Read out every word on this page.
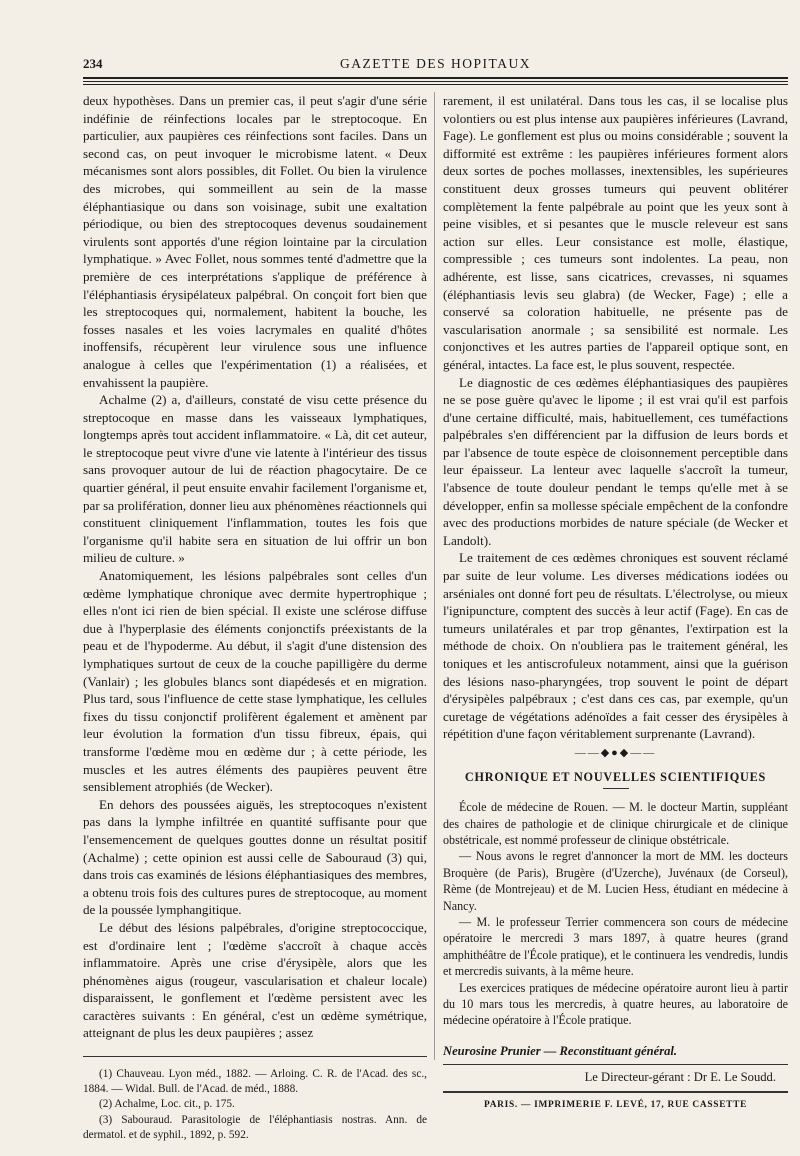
234	GAZETTE DES HOPITAUX

deux hypothèses. Dans un premier cas, il peut s'agir d'une série indéfinie de réinfections locales par le streptocoque. En particulier, aux paupières ces réinfections sont faciles. Dans un second cas, on peut invoquer le microbisme latent. « Deux mécanismes sont alors possibles, dit Follet. Ou bien la virulence des microbes, qui sommeillent au sein de la masse éléphantiasique ou dans son voisinage, subit une exaltation périodique, ou bien des streptocoques devenus soudainement virulents sont apportés d'une région lointaine par la circulation lymphatique. » Avec Follet, nous sommes tenté d'admettre que la première de ces interprétations s'applique de préférence à l'éléphantiasis érysipélateux palpébral. On conçoit fort bien que les streptocoques qui, normalement, habitent la bouche, les fosses nasales et les voies lacrymales en qualité d'hôtes inoffensifs, récupèrent leur virulence sous une influence analogue à celles que l'expérimentation (1) a réalisées, et envahissent la paupière.

Achalme (2) a, d'ailleurs, constaté de visu cette présence du streptocoque en masse dans les vaisseaux lymphatiques, longtemps après tout accident inflammatoire. « Là, dit cet auteur, le streptocoque peut vivre d'une vie latente à l'intérieur des tissus sans provoquer autour de lui de réaction phagocytaire. De ce quartier général, il peut ensuite envahir facilement l'organisme et, par sa prolifération, donner lieu aux phénomènes réactionnels qui constituent cliniquement l'inflammation, toutes les fois que l'organisme qu'il habite sera en situation de lui offrir un bon milieu de culture. »

Anatomiquement, les lésions palpébrales sont celles d'un œdème lymphatique chronique avec dermite hypertrophique ; elles n'ont ici rien de bien spécial. Il existe une sclérose diffuse due à l'hyperplasie des éléments conjonctifs préexistants de la peau et de l'hypoderme. Au début, il s'agit d'une distension des lymphatiques surtout de ceux de la couche papilligère du derme (Vanlair) ; les globules blancs sont diapédesés et en migration. Plus tard, sous l'influence de cette stase lymphatique, les cellules fixes du tissu conjonctif prolifèrent également et amènent par leur évolution la formation d'un tissu fibreux, épais, qui transforme l'œdème mou en œdème dur ; à cette période, les muscles et les autres éléments des paupières peuvent être sensiblement atrophiés (de Wecker).

En dehors des poussées aiguës, les streptocoques n'existent pas dans la lymphe infiltrée en quantité suffisante pour que l'ensemencement de quelques gouttes donne un résultat positif (Achalme) ; cette opinion est aussi celle de Sabouraud (3) qui, dans trois cas examinés de lésions éléphantiasiques des membres, a obtenu trois fois des cultures pures de streptocoque, au moment de la poussée lymphangitique.

Le début des lésions palpébrales, d'origine streptococcique, est d'ordinaire lent ; l'œdème s'accroît à chaque accès inflammatoire. Après une crise d'érysipèle, alors que les phénomènes aigus (rougeur, vascularisation et chaleur locale) disparaissent, le gonflement et l'œdème persistent avec les caractères suivants : En général, c'est un œdème symétrique, atteignant de plus les deux paupières ; assez

(1) Chauveau. Lyon méd., 1882. — Arloing. C. R. de l'Acad. des sc., 1884. — Widal. Bull. de l'Acad. de méd., 1888.

(2) Achalme, Loc. cit., p. 175.

(3) Sabouraud. Parasitologie de l'éléphantiasis nostras. Ann. de dermatol. et de syphil., 1892, p. 592.

rarement, il est unilatéral. Dans tous les cas, il se localise plus volontiers ou est plus intense aux paupières inférieures (Lavrand, Fage). Le gonflement est plus ou moins considérable ; souvent la difformité est extrême : les paupières inférieures forment alors deux sortes de poches mollasses, inextensibles, les supérieures constituent deux grosses tumeurs qui peuvent oblitérer complètement la fente palpébrale au point que les yeux sont à peine visibles, et si pesantes que le muscle releveur est sans action sur elles. Leur consistance est molle, élastique, compressible ; ces tumeurs sont indolentes. La peau, non adhérente, est lisse, sans cicatrices, crevasses, ni squames (éléphantiasis levis seu glabra) (de Wecker, Fage) ; elle a conservé sa coloration habituelle, ne présente pas de vascularisation anormale ; sa sensibilité est normale. Les conjonctives et les autres parties de l'appareil optique sont, en général, intactes. La face est, le plus souvent, respectée.

Le diagnostic de ces œdèmes éléphantiasiques des paupières ne se pose guère qu'avec le lipome ; il est vrai qu'il est parfois d'une certaine difficulté, mais, habituellement, ces tuméfactions palpébrales s'en différencient par la diffusion de leurs bords et par l'absence de toute espèce de cloisonnement perceptible dans leur épaisseur. La lenteur avec laquelle s'accroît la tumeur, l'absence de toute douleur pendant le temps qu'elle met à se développer, enfin sa mollesse spéciale empêchent de la confondre avec des productions morbides de nature spéciale (de Wecker et Landolt).

Le traitement de ces œdèmes chroniques est souvent réclamé par suite de leur volume. Les diverses médications iodées ou arséniales ont donné fort peu de résultats. L'électrolyse, ou mieux l'ignipuncture, comptent des succès à leur actif (Fage). En cas de tumeurs unilatérales et par trop gênantes, l'extirpation est la méthode de choix. On n'oubliera pas le traitement général, les toniques et les antiscrofuleux notamment, ainsi que la guérison des lésions naso-pharyngées, trop souvent le point de départ d'érysipèles palpébraux ; c'est dans ces cas, par exemple, qu'un curetage de végétations adénoïdes a fait cesser des érysipèles à répétition d'une façon véritablement surprenante (Lavrand).

——◆●◆——
CHRONIQUE ET NOUVELLES SCIENTIFIQUES

École de médecine de Rouen. — M. le docteur Martin, suppléant des chaires de pathologie et de clinique chirurgicale et de clinique obstétricale, est nommé professeur de clinique obstétricale.

— Nous avons le regret d'annoncer la mort de MM. les docteurs Broquère (de Paris), Brugère (d'Uzerche), Juvénaux (de Corseul), Rème (de Montrejeau) et de M. Lucien Hess, étudiant en médecine à Nancy.

— M. le professeur Terrier commencera son cours de médecine opératoire le mercredi 3 mars 1897, à quatre heures (grand amphithéâtre de l'École pratique), et le continuera les vendredis, lundis et mercredis suivants, à la même heure.

Les exercices pratiques de médecine opératoire auront lieu à partir du 10 mars tous les mercredis, à quatre heures, au laboratoire de médecine opératoire à l'École pratique.

Neurosine Prunier — Reconstituant général.

Le Directeur-gérant : Dr E. Le Soudd.
PARIS. — IMPRIMERIE F. LEVÉ, 17, RUE CASSETTE
